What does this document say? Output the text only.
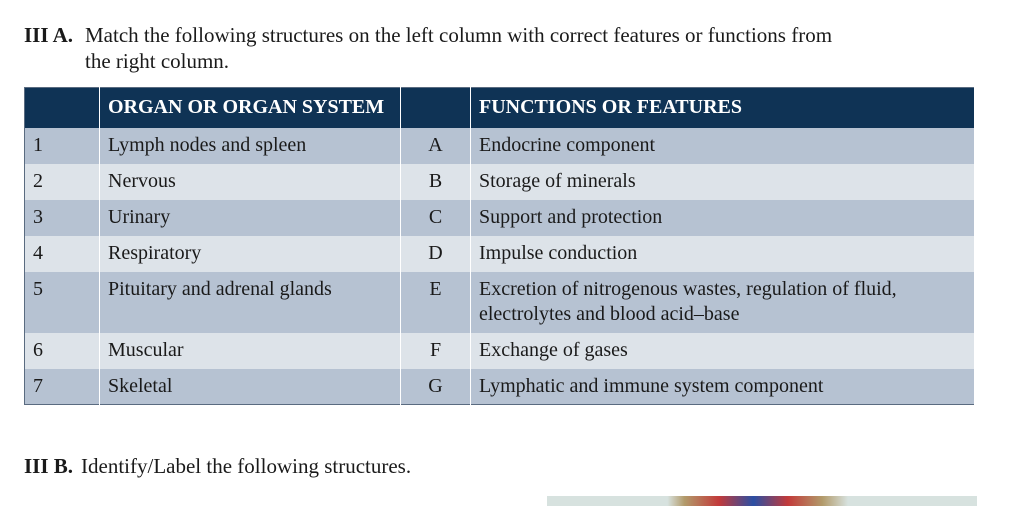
III A. Match the following structures on the left column with correct features or functions from
the right column.
	ORGAN OR ORGAN SYSTEM		FUNCTIONS OR FEATURES
1	Lymph nodes and spleen	A	Endocrine component
2	Nervous	B	Storage of minerals
3	Urinary	C	Support and protection
4	Respiratory	D	Impulse conduction
5	Pituitary and adrenal glands	E	Excretion of nitrogenous wastes, regulation of fluid,
electrolytes and blood acid–base

6	Muscular	F	Exchange of gases
7	Skeletal	G	Lymphatic and immune system component
III B. Identify/Label the following structures.
